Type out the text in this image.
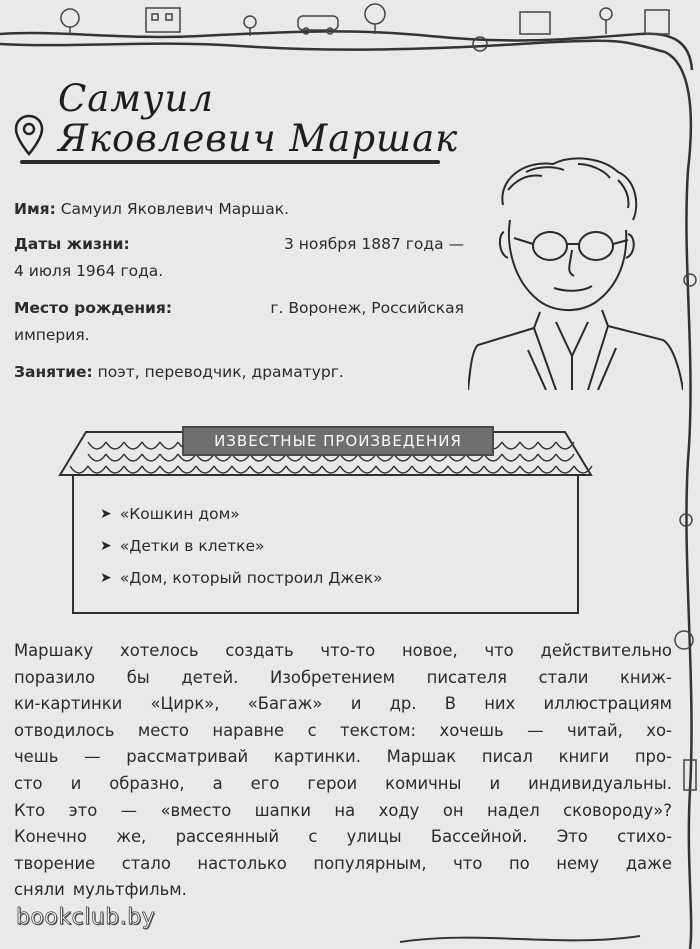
Самуил
Яковлевич Маршак

Имя: Самуил Яковлевич Маршак.

Даты жизни:	3 ноября 1887 года —
4 июля 1964 года.

Место рождения:	г. Воронеж, Российская
империя.

Занятие: поэт, переводчик, драматург.

ИЗВЕСТНЫЕ ПРОИЗВЕДЕНИЯ
➤ «Кошкин дом»
➤ «Детки в клетке»
➤ «Дом, который построил Джек»
Маршаку хотелось создать что-то новое, что действительно
поразило бы детей. Изобретением писателя стали книж-
ки-картинки «Цирк», «Багаж» и др. В них иллюстрациям
отводилось место наравне с текстом: хочешь — читай, хо-
чешь — рассматривай картинки. Маршак писал книги про-
сто и образно, а его герои комичны и индивидуальны.
Кто это — «вместо шапки на ходу он надел сковороду»?
Конечно же, рассеянный с улицы Бассейной. Это стихо-
творение стало настолько популярным, что по нему даже
сняли мультфильм.
bookclub.by
